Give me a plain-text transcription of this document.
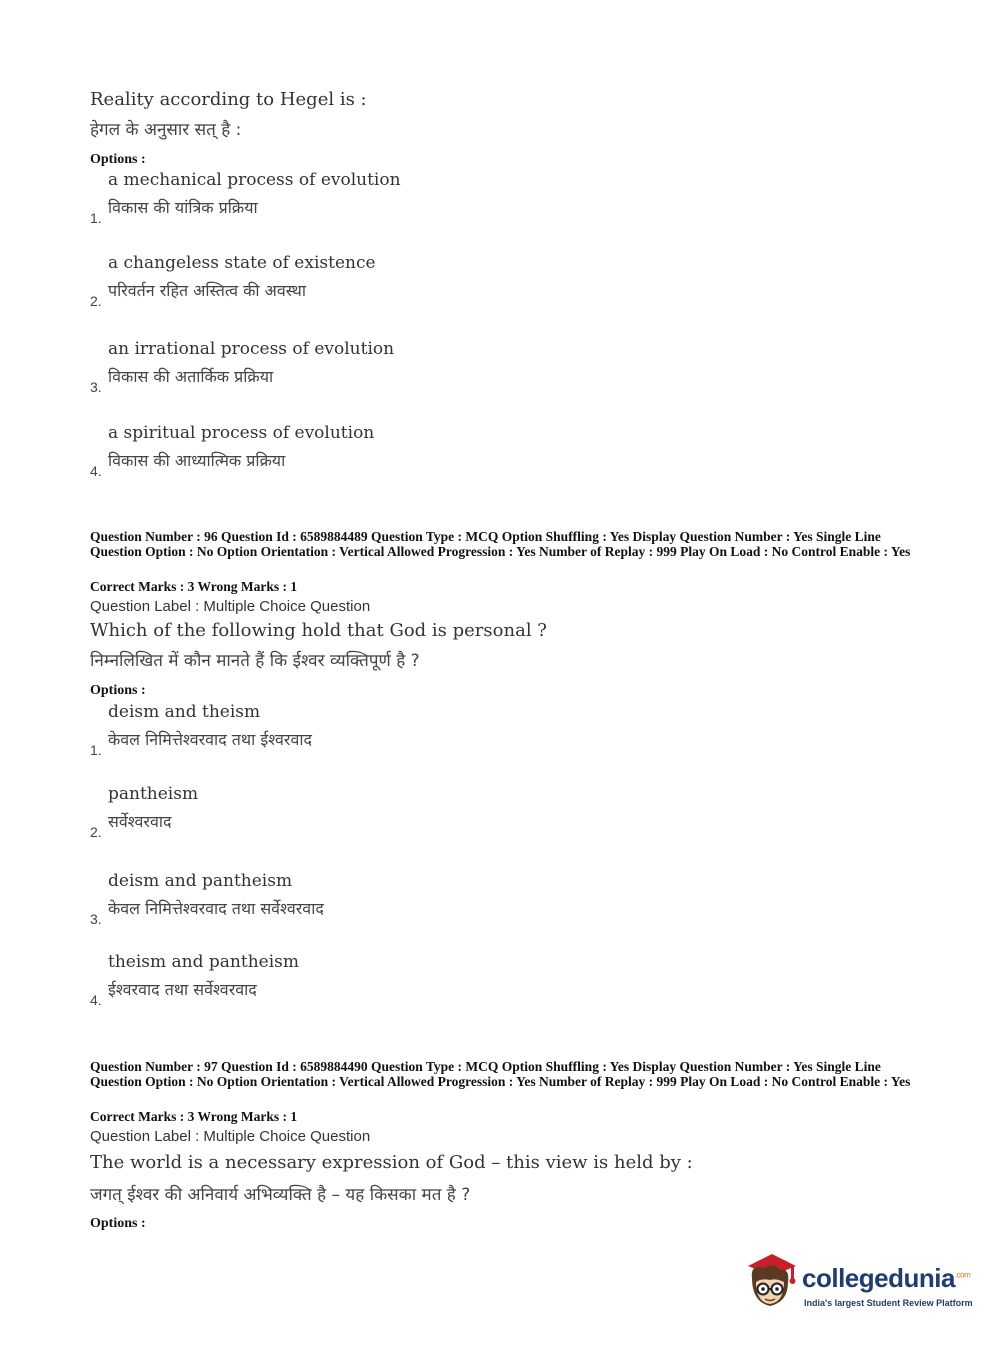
Reality according to Hegel is :
हेगल के अनुसार सत् है :
Options :
a mechanical process of evolution
विकास की यांत्रिक प्रक्रिया
1.
a changeless state of existence
परिवर्तन रहित अस्तित्व की अवस्था
2.
an irrational process of evolution
विकास की अतार्किक प्रक्रिया
3.
a spiritual process of evolution
विकास की आध्यात्मिक प्रक्रिया
4.
Question Number : 96 Question Id : 6589884489 Question Type : MCQ Option Shuffling : Yes Display Question Number : Yes Single Line Question Option : No Option Orientation : Vertical Allowed Progression : Yes Number of Replay : 999 Play On Load : No Control Enable : Yes
Correct Marks : 3 Wrong Marks : 1
Question Label : Multiple Choice Question
Which of the following hold that God is personal ?
निम्नलिखित में कौन मानते हैं कि ईश्वर व्यक्तिपूर्ण है ?
Options :
deism and theism
केवल निमित्तेश्वरवाद तथा ईश्वरवाद
1.
pantheism
सर्वेश्वरवाद
2.
deism and pantheism
केवल निमित्तेश्वरवाद तथा सर्वेश्वरवाद
3.
theism and pantheism
ईश्वरवाद तथा सर्वेश्वरवाद
4.
Question Number : 97 Question Id : 6589884490 Question Type : MCQ Option Shuffling : Yes Display Question Number : Yes Single Line Question Option : No Option Orientation : Vertical Allowed Progression : Yes Number of Replay : 999 Play On Load : No Control Enable : Yes
Correct Marks : 3 Wrong Marks : 1
Question Label : Multiple Choice Question
The world is a necessary expression of God – this view is held by :
जगत् ईश्वर की अनिवार्य अभिव्यक्ति है – यह किसका मत है ?
Options :
collegedunia$^{.com}$
India's largest Student Review Platform
